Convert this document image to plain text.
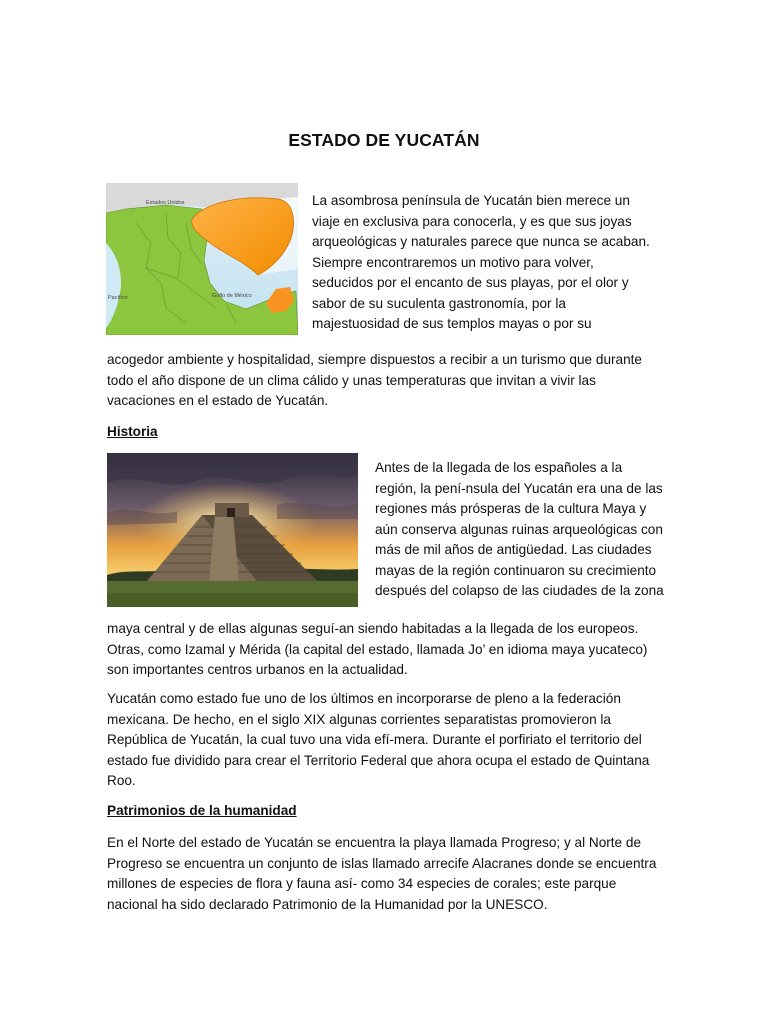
ESTADO DE YUCATÁN
Estados Unidos
Pacífico	Golfo de México
La asombrosa península de Yucatán bien merece un
viaje en exclusiva para conocerla, y es que sus joyas
arqueológicas y naturales parece que nunca se acaban.
Siempre encontraremos un motivo para volver,
seducidos por el encanto de sus playas, por el olor y
sabor de su suculenta gastronomía, por la
majestuosidad de sus templos mayas o por su
acogedor ambiente y hospitalidad, siempre dispuestos a recibir a un turismo que durante
todo el año dispone de un clima cálido y unas temperaturas que invitan a vivir las
vacaciones en el estado de Yucatán.
Historia
Antes de la llegada de los españoles a la
región, la pení-nsula del Yucatán era una de las
regiones más prósperas de la cultura Maya y
aún conserva algunas ruinas arqueológicas con
más de mil años de antigüedad. Las ciudades
mayas de la región continuaron su crecimiento
después del colapso de las ciudades de la zona
maya central y de ellas algunas seguí-an siendo habitadas a la llegada de los europeos.
Otras, como Izamal y Mérida (la capital del estado, llamada Jo’ en idioma maya yucateco)
son importantes centros urbanos en la actualidad.
Yucatán como estado fue uno de los últimos en incorporarse de pleno a la federación
mexicana. De hecho, en el siglo XIX algunas corrientes separatistas promovieron la
República de Yucatán, la cual tuvo una vida efí-mera. Durante el porfiriato el territorio del
estado fue dividido para crear el Territorio Federal que ahora ocupa el estado de Quintana
Roo.
Patrimonios de la humanidad
En el Norte del estado de Yucatán se encuentra la playa llamada Progreso; y al Norte de
Progreso se encuentra un conjunto de islas llamado arrecife Alacranes donde se encuentra
millones de especies de flora y fauna así- como 34 especies de corales; este parque
nacional ha sido declarado Patrimonio de la Humanidad por la UNESCO.
